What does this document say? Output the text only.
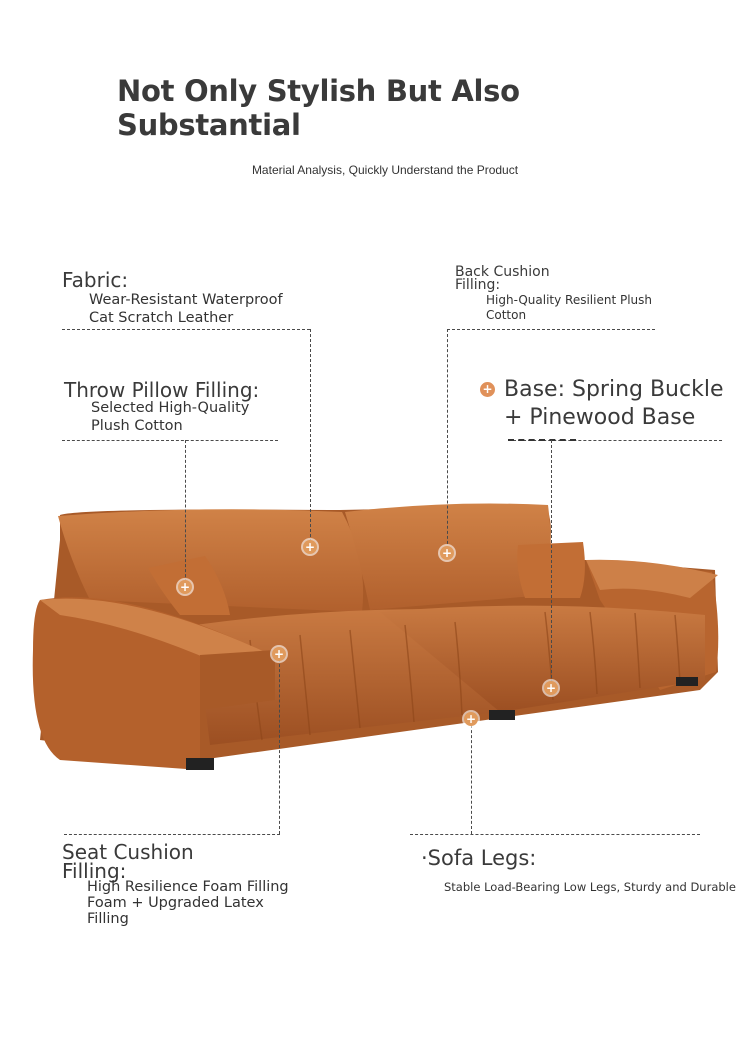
Not Only Stylish But Also Substantial
Material Analysis, Quickly Understand the Product
+
+
+
+
+
+
Fabric:
Wear-Resistant Waterproof Cat Scratch Leather
Throw Pillow Filling:
Selected High-Quality Plush Cotton
Back Cushion Filling:
High-Quality Resilient Plush Cotton
+ Base: Spring Buckle + Pinewood Base
Seat Cushion Filling:
High Resilience Foam Filling Foam + Upgraded Latex Filling
·Sofa Legs:
Stable Load-Bearing Low Legs, Sturdy and Durable
